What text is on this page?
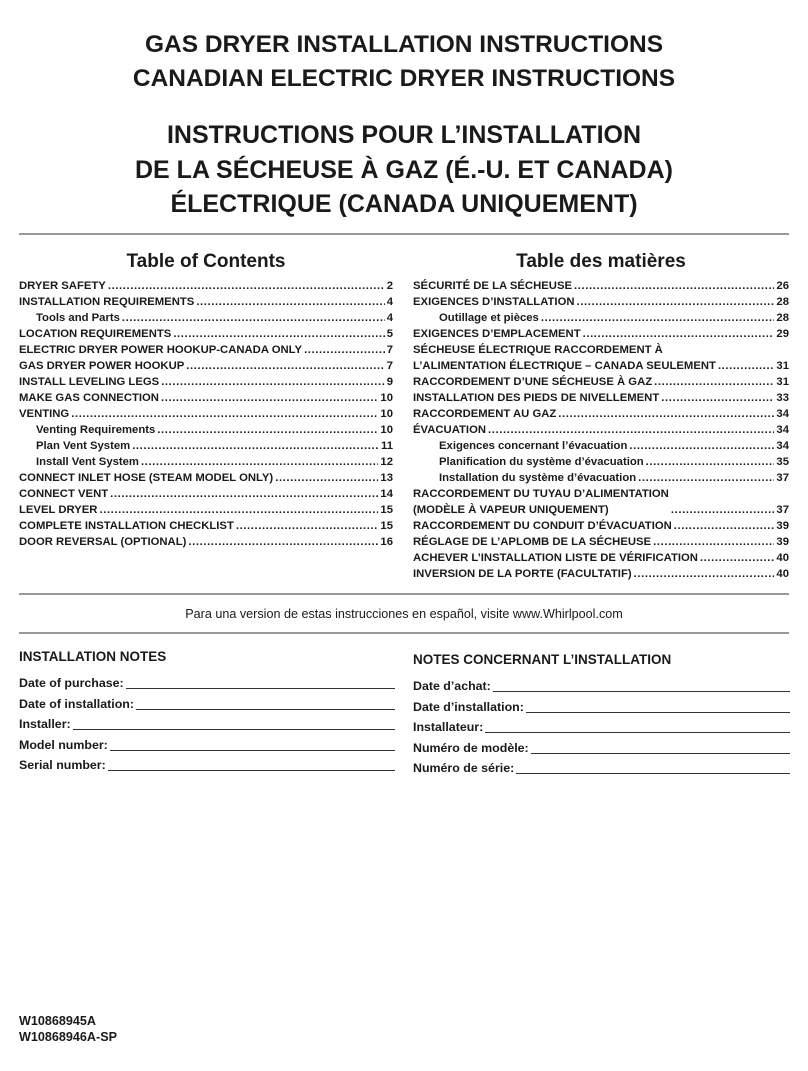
GAS DRYER INSTALLATION INSTRUCTIONS
CANADIAN ELECTRIC DRYER INSTRUCTIONS
INSTRUCTIONS POUR L’INSTALLATION
DE LA SÉCHEUSE À GAZ (É.-U. ET CANADA)
ÉLECTRIQUE (CANADA UNIQUEMENT)
Table of Contents
DRYER SAFETY .....	2
INSTALLATION REQUIREMENTS .....	4
Tools and Parts .....	4
LOCATION REQUIREMENTS .....	5
ELECTRIC DRYER POWER HOOKUP-CANADA ONLY .....	7
GAS DRYER POWER HOOKUP .....	7
INSTALL LEVELING LEGS .....	9
MAKE GAS CONNECTION .....	10
VENTING .....	10
Venting Requirements .....	10
Plan Vent System .....	11
Install Vent System .....	12
CONNECT INLET HOSE (STEAM MODEL ONLY) .....	13
CONNECT VENT .....	14
LEVEL DRYER .....	15
COMPLETE INSTALLATION CHECKLIST .....	15
DOOR REVERSAL (OPTIONAL) .....	16
Table des matières
SÉCURITÉ DE LA SÉCHEUSE .....	26
EXIGENCES D’INSTALLATION .....	28
Outillage et pièces .....	28
EXIGENCES D’EMPLACEMENT .....	29
SÉCHEUSE ÉLECTRIQUE RACCORDEMENT À
L’ALIMENTATION ÉLECTRIQUE – CANADA SEULEMENT .....	31
RACCORDEMENT D’UNE SÉCHEUSE À GAZ .....	31
INSTALLATION DES PIEDS DE NIVELLEMENT .....	33
RACCORDEMENT AU GAZ .....	34
ÉVACUATION .....	34
Exigences concernant l’évacuation .....	34
Planification du système d’évacuation .....	35
Installation du système d’évacuation .....	37
RACCORDEMENT DU TUYAU D’ALIMENTATION
(MODÈLE À VAPEUR UNIQUEMENT) .....	37
RACCORDEMENT DU CONDUIT D’ÉVACUATION .....	39
RÉGLAGE DE L’APLOMB DE LA SÉCHEUSE .....	39
ACHEVER L’INSTALLATION LISTE DE VÉRIFICATION .....	40
INVERSION DE LA PORTE (FACULTATIF) .....	40
Para una version de estas instrucciones en español, visite www.Whirlpool.com
INSTALLATION NOTES
Date of purchase:
Date of installation:
Installer:
Model number:
Serial number:
NOTES CONCERNANT L’INSTALLATION
Date d’achat:
Date d’installation:
Installateur:
Numéro de modèle:
Numéro de série:
W10868945A
W10868946A-SP
